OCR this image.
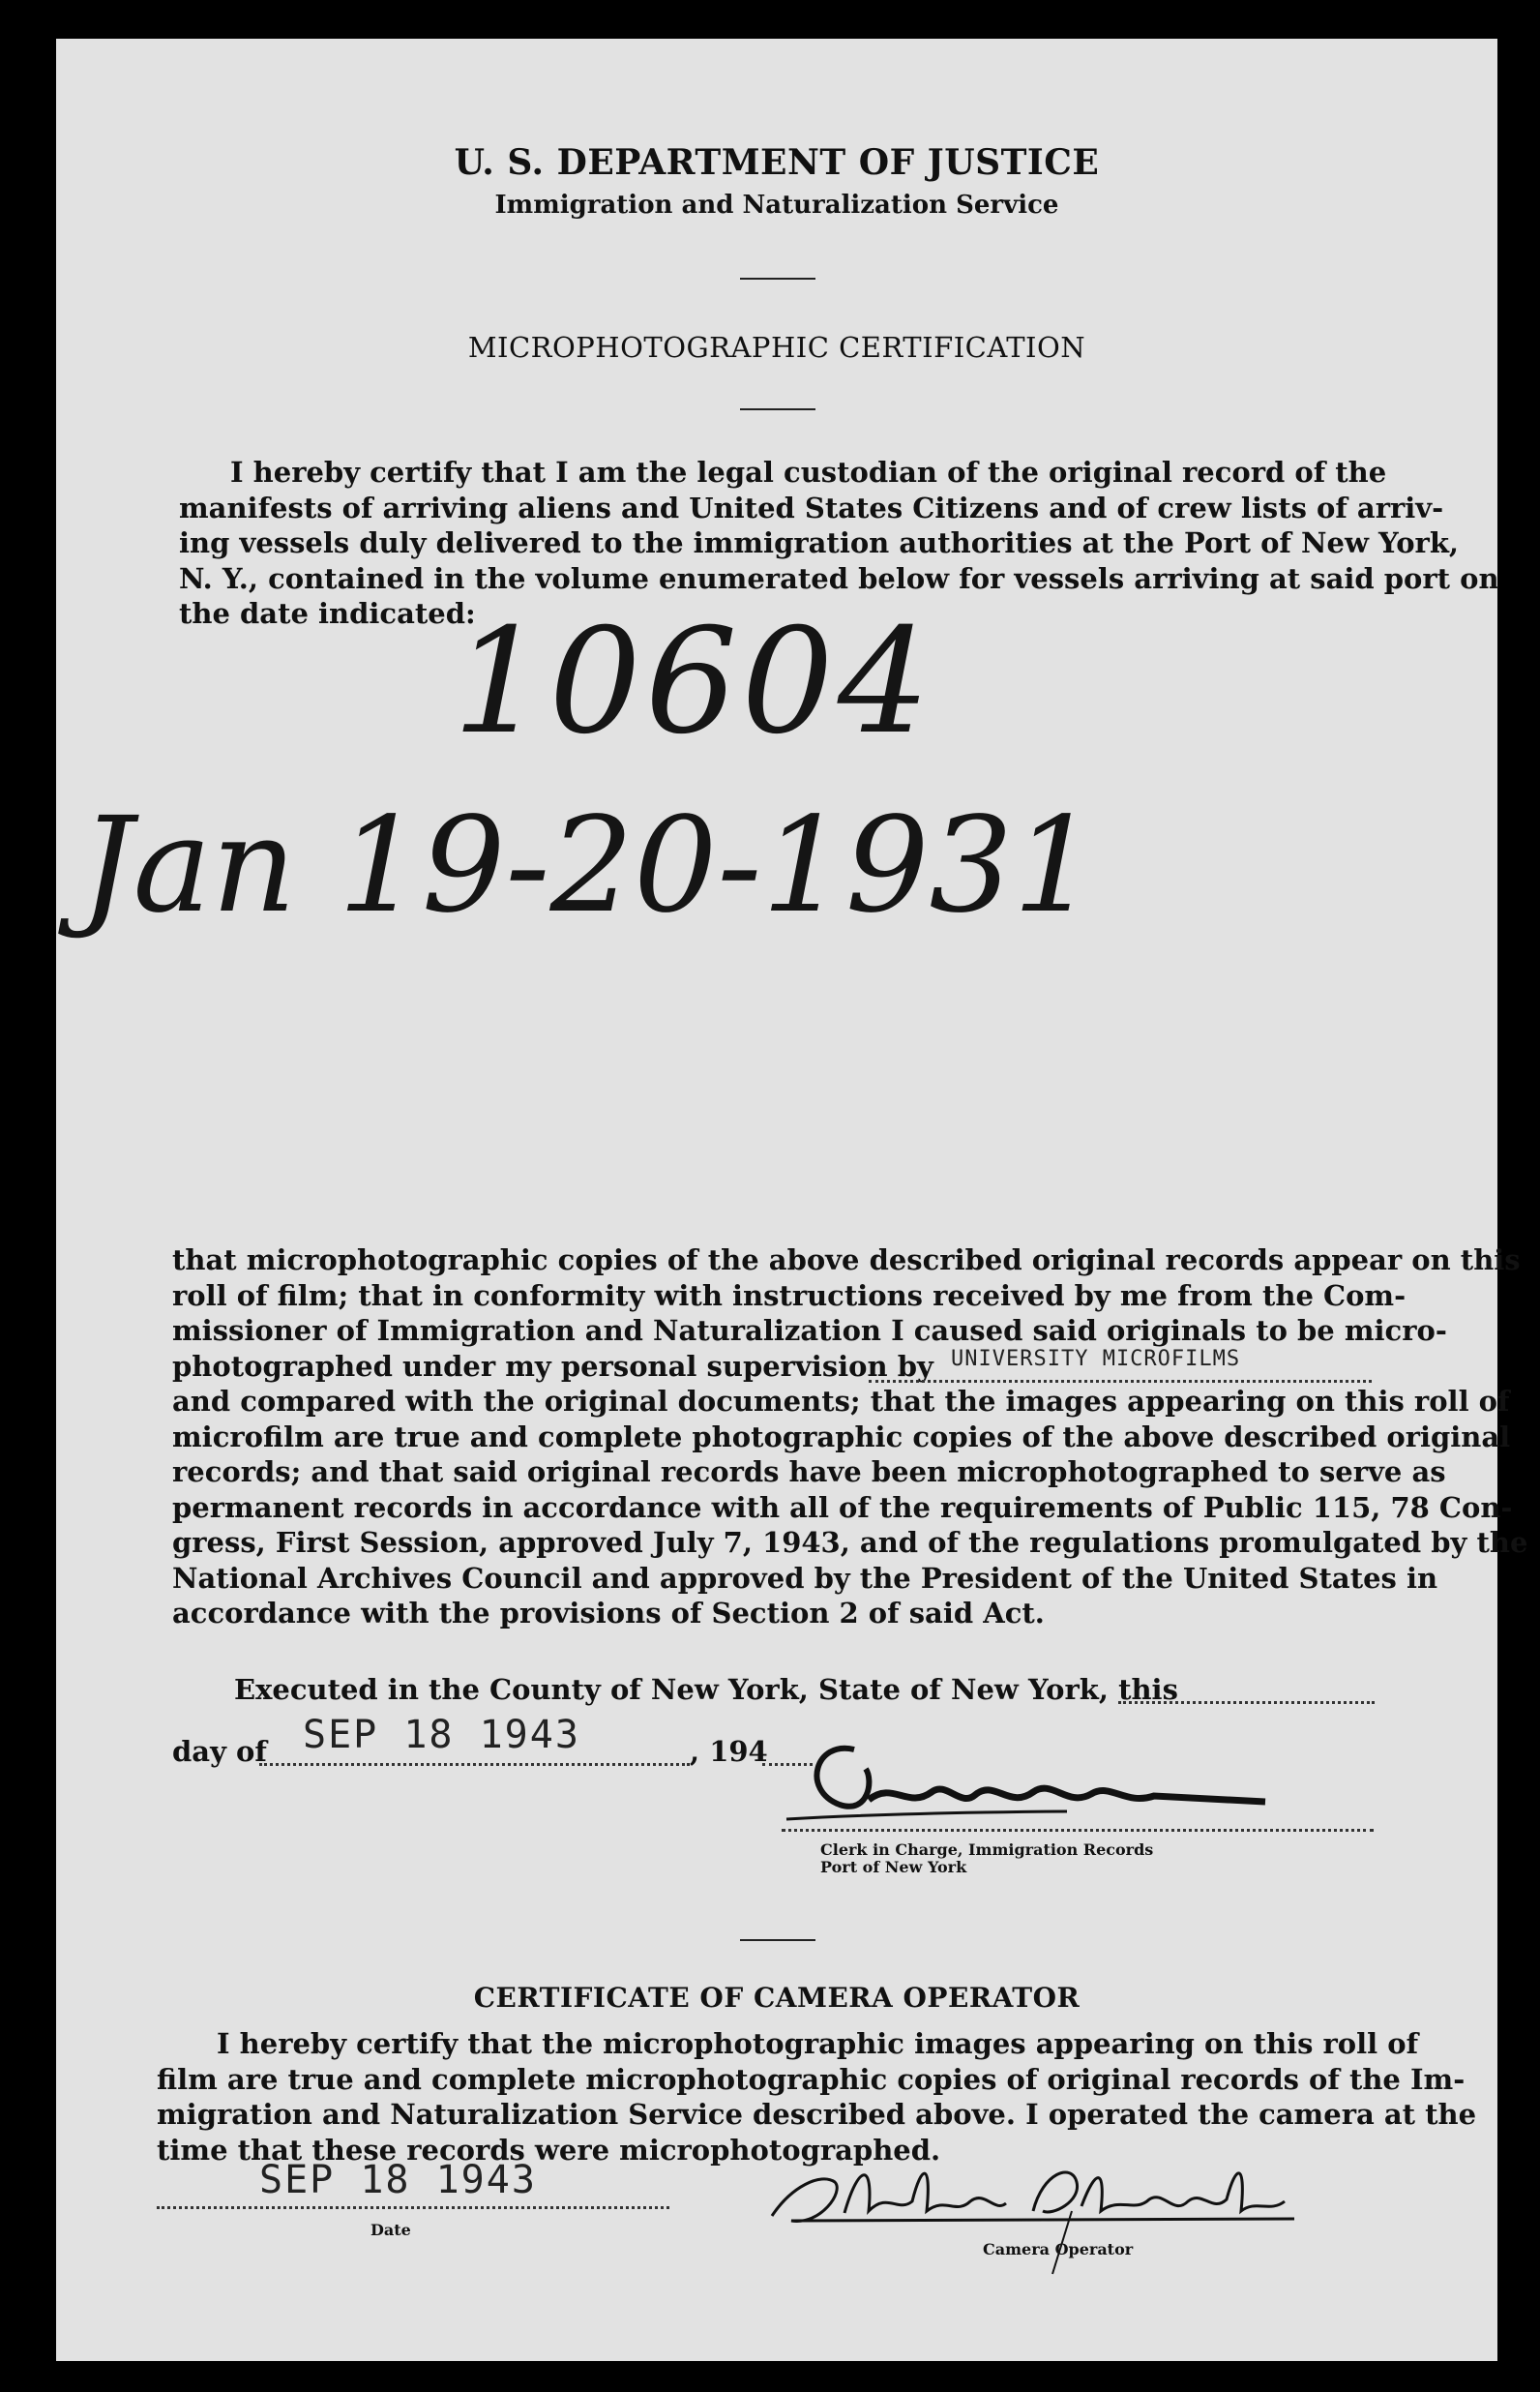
U. S. DEPARTMENT OF JUSTICE
Immigration and Naturalization Service
MICROPHOTOGRAPHIC CERTIFICATION
I hereby certify that I am the legal custodian of the original record of the
manifests of arriving aliens and United States Citizens and of crew lists of arriv-
ing vessels duly delivered to the immigration authorities at the Port of New York,
N. Y., contained in the volume enumerated below for vessels arriving at said port on
the date indicated:
10604
Jan 19-20-1931
that microphotographic copies of the above described original records appear on this
roll of film; that in conformity with instructions received by me from the Com-
missioner of Immigration and Naturalization I caused said originals to be micro-
photographed under my personal supervision by UNIVERSITY MICROFILMS
and compared with the original documents; that the images appearing on this roll of
microfilm are true and complete photographic copies of the above described original
records; and that said original records have been microphotographed to serve as
permanent records in accordance with all of the requirements of Public 115, 78 Con-
gress, First Session, approved July 7, 1943, and of the regulations promulgated by the
National Archives Council and approved by the President of the United States in
accordance with the provisions of Section 2 of said Act.
Executed in the County of New York, State of New York, this
day of SEP 18 1943	, 194
Clerk in Charge, Immigration Records
Port of New York
CERTIFICATE OF CAMERA OPERATOR
I hereby certify that the microphotographic images appearing on this roll of
film are true and complete microphotographic copies of original records of the Im-
migration and Naturalization Service described above. I operated the camera at the
time that these records were microphotographed.
SEP 18 1943
Date
Camera Operator
